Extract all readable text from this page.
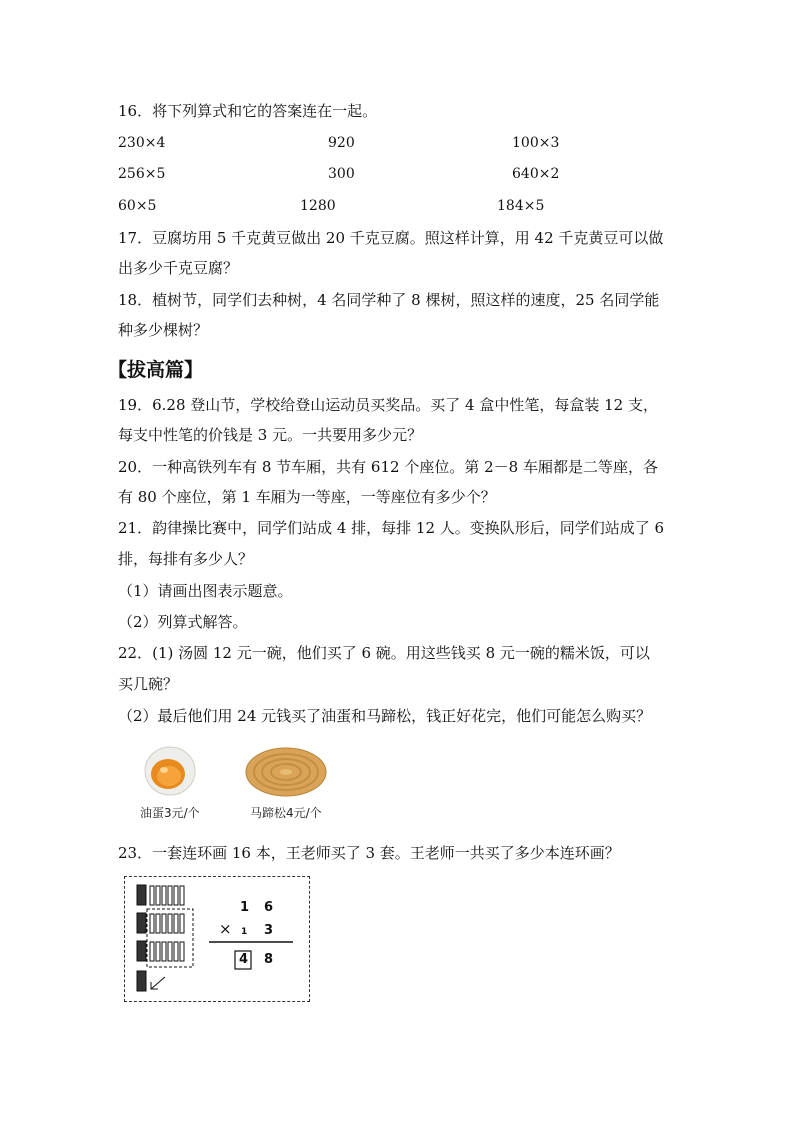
16．将下列算式和它的答案连在一起。
230×4	920	100×3
256×5	300	640×2
60×5	1280	184×5
17．豆腐坊用 5 千克黄豆做出 20 千克豆腐。照这样计算，用 42 千克黄豆可以做
出多少千克豆腐？
18．植树节，同学们去种树，4 名同学种了 8 棵树，照这样的速度，25 名同学能
种多少棵树？
【拔高篇】
19．6.28 登山节，学校给登山运动员买奖品。买了 4 盒中性笔，每盒装 12 支，
每支中性笔的价钱是 3 元。一共要用多少元？
20．一种高铁列车有 8 节车厢，共有 612 个座位。第 2－8 车厢都是二等座，各
有 80 个座位，第 1 车厢为一等座，一等座位有多少个？
21．韵律操比赛中，同学们站成 4 排，每排 12 人。变换队形后，同学们站成了 6
排，每排有多少人？
（1）请画出图表示题意。
（2）列算式解答。
22．(1) 汤圆 12 元一碗，他们买了 6 碗。用这些钱买 8 元一碗的糯米饭，可以
买几碗？
（2）最后他们用 24 元钱买了油蛋和马蹄松，钱正好花完，他们可能怎么购买？
油蛋3元/个	马蹄松4元/个
23．一套连环画 16 本，王老师买了 3 套。王老师一共买了多少本连环画？
1 6
× 1 3
4 8
